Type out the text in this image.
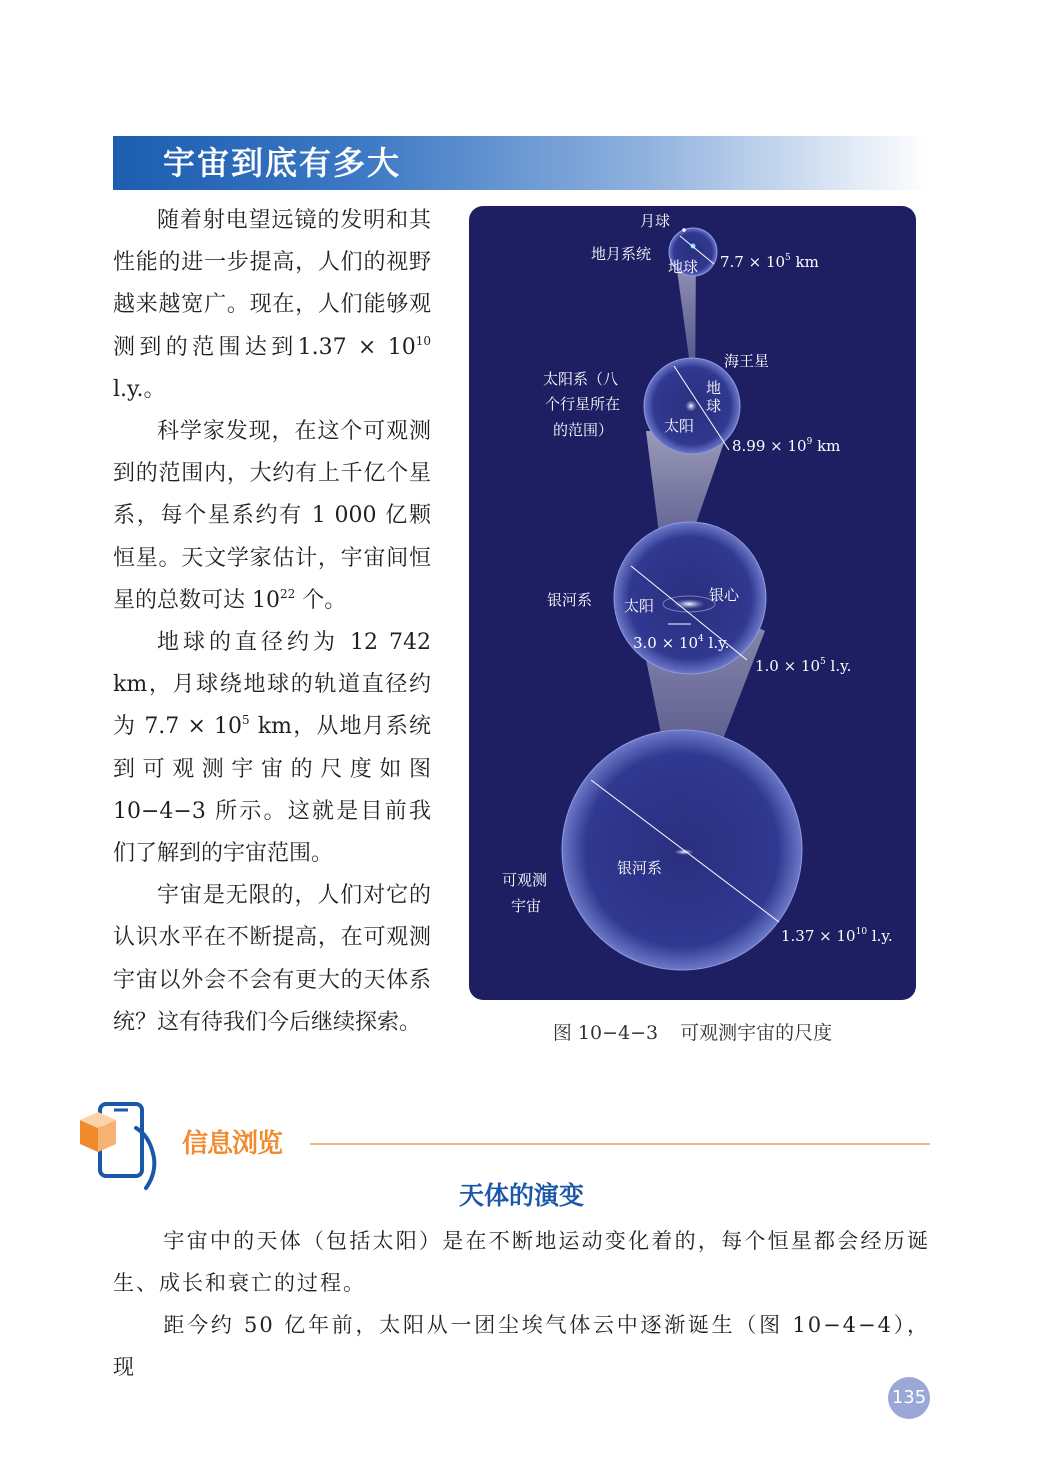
宇宙到底有多大

随着射电望远镜的发明和其性能的进一步提高，人们的视野越来越宽广。现在，人们能够观测到的范围达到$1.37 \times 10^{10}$ l.y.。

科学家发现，在这个可观测到的范围内，大约有上千亿个星系，每个星系约有 1 000 亿颗恒星。天文学家估计，宇宙间恒星的总数可达 $10^{22}$ 个。

地球的直径约为 12 742 km，月球绕地球的轨道直径约为 $7.7 \times 10^5$ km，从地月系统到可观测宇宙的尺度如图 10−4−3 所示。这就是目前我们了解到的宇宙范围。

宇宙是无限的，人们对它的认识水平在不断提高，在可观测宇宙以外会不会有更大的天体系统？这有待我们今后继续探索。

月球
地月系统
地球 $7.7 \times 10^5$ km
海王星
太阳系（八
个行星所在
的范围）
地
球
太阳
$8.99 \times 10^9$ km
银河系 太阳
银心
$3.0 \times 10^4$ l.y.
$1.0 \times 10^5$ l.y.
银河系
可观测
宇宙
$1.37 \times 10^{10}$ l.y.
图 10−4−3 可观测宇宙的尺度
信息浏览
天体的演变

宇宙中的天体（包括太阳）是在不断地运动变化着的，每个恒星都会经历诞生、成长和衰亡的过程。

距今约 50 亿年前，太阳从一团尘埃气体云中逐渐诞生（图 10−4−4），现

135
